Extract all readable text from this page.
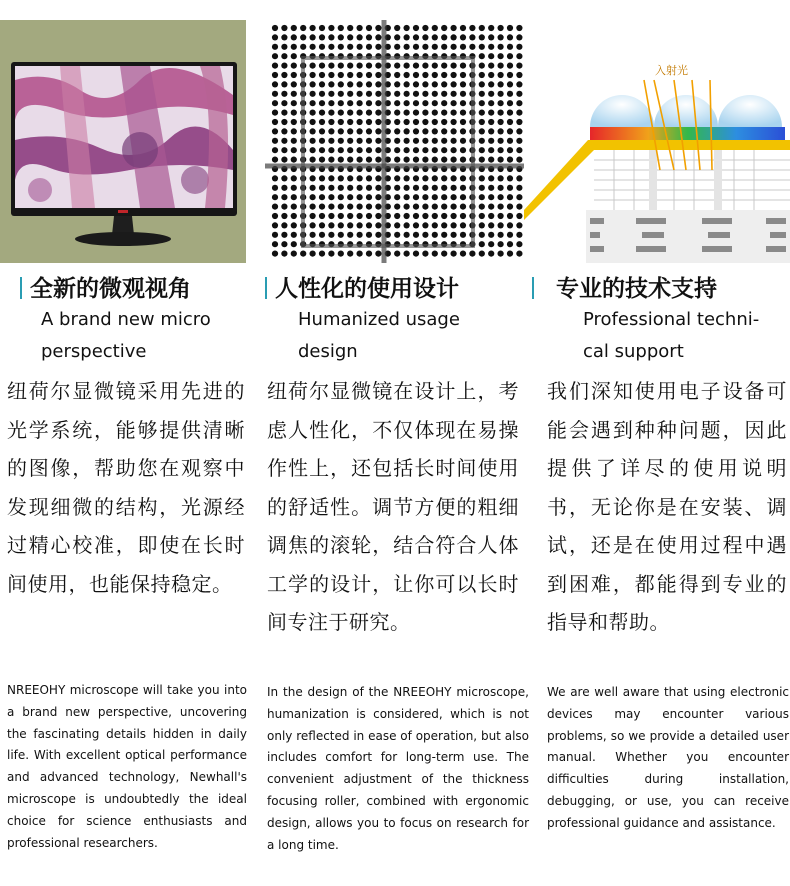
全新的微观视角
A brand new micro
perspective
纽荷尔显微镜采用先进的光学系统，能够提供清晰的图像，帮助您在观察中发现细微的结构，光源经过精心校准，即使在长时间使用，也能保持稳定。
NREEOHY microscope will take you into a brand new perspective, uncovering the fascinating details hidden in daily life. With excellent optical performance and advanced technology, Newhall's microscope is undoubtedly the ideal choice for science enthusiasts and professional researchers.
人性化的使用设计
Humanized usage
design
纽荷尔显微镜在设计上，考虑人性化，不仅体现在易操作性上，还包括长时间使用的舒适性。调节方便的粗细调焦的滚轮，结合符合人体工学的设计，让你可以长时间专注于研究。
In the design of the NREEOHY microscope, humanization is considered, which is not only reflected in ease of operation, but also includes comfort for long-term use. The convenient adjustment of the thickness focusing roller, combined with ergonomic design, allows you to focus on research for a long time.
入射光
专业的技术支持
Professional techni-
cal support
我们深知使用电子设备可能会遇到种种问题，因此提供了详尽的使用说明书，无论你是在安装、调试，还是在使用过程中遇到困难，都能得到专业的指导和帮助。
We are well aware that using electronic devices may encounter various problems, so we provide a detailed user manual. Whether you encounter difficulties during installation, debugging, or use, you can receive professional guidance and assistance.
